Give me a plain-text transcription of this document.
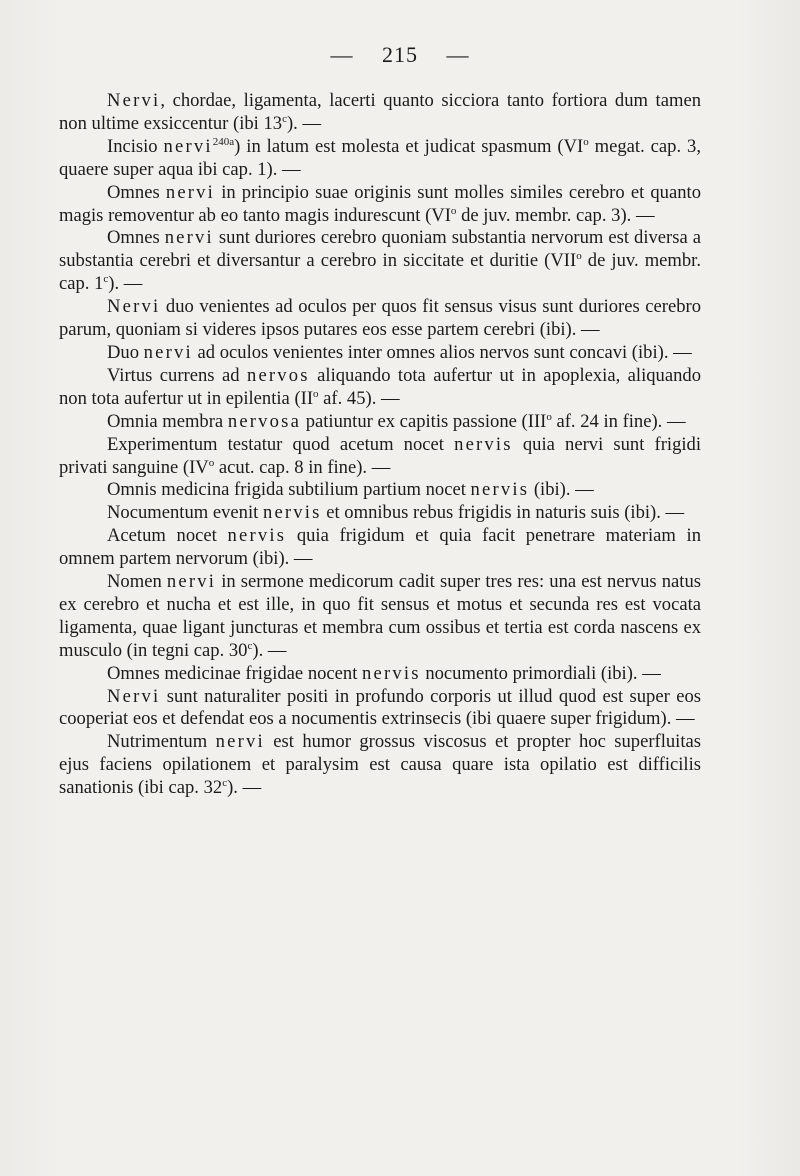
— 215 —

Nervi, chordae, ligamenta, lacerti quanto sicciora tanto fortiora dum tamen non ultime exsiccentur (ibi 13$^c$). —

Incisio nervi$^{240a}$) in latum est molesta et judicat spasmum ($VI^o$ megat. cap. 3, quaere super aqua ibi cap. 1). —

Omnes nervi in principio suae originis sunt molles similes cerebro et quanto magis removentur ab eo tanto magis indurescunt ($VI^o$ de juv. membr. cap. 3). —

Omnes nervi sunt duriores cerebro quoniam substantia nervorum est diversa a substantia cerebri et diversantur a cerebro in siccitate et duritie (VII$^o$ de juv. membr. cap. 1$^c$). —

Nervi duo venientes ad oculos per quos fit sensus visus sunt duriores cerebro parum, quoniam si videres ipsos putares eos esse partem cerebri (ibi). —

Duo nervi ad oculos venientes inter omnes alios nervos sunt concavi (ibi). —

Virtus currens ad nervos aliquando tota aufertur ut in apoplexia, aliquando non tota aufertur ut in epilentia ($II^o$ af. 45). —

Omnia membra nervosa patiuntur ex capitis passione (III$^o$ af. 24 in fine). —

Experimentum testatur quod acetum nocet nervis quia nervi sunt frigidi privati sanguine ($IV^o$ acut. cap. 8 in fine). —

Omnis medicina frigida subtilium partium nocet nervis (ibi). —

Nocumentum evenit nervis et omnibus rebus frigidis in naturis suis (ibi). —

Acetum nocet nervis quia frigidum et quia facit penetrare materiam in omnem partem nervorum (ibi). —

Nomen nervi in sermone medicorum cadit super tres res: una est nervus natus ex cerebro et nucha et est ille, in quo fit sensus et motus et secunda res est vocata ligamenta, quae ligant juncturas et membra cum ossibus et tertia est corda nascens ex musculo (in tegni cap. 30$^c$). —

Omnes medicinae frigidae nocent nervis nocumento primordiali (ibi). —

Nervi sunt naturaliter positi in profundo corporis ut illud quod est super eos cooperiat eos et defendat eos a nocumentis extrinsecis (ibi quaere super frigidum). —

Nutrimentum nervi est humor grossus viscosus et propter hoc superfluitas ejus faciens opilationem et paralysim est causa quare ista opilatio est difficilis sanationis (ibi cap. 32$^c$). —
